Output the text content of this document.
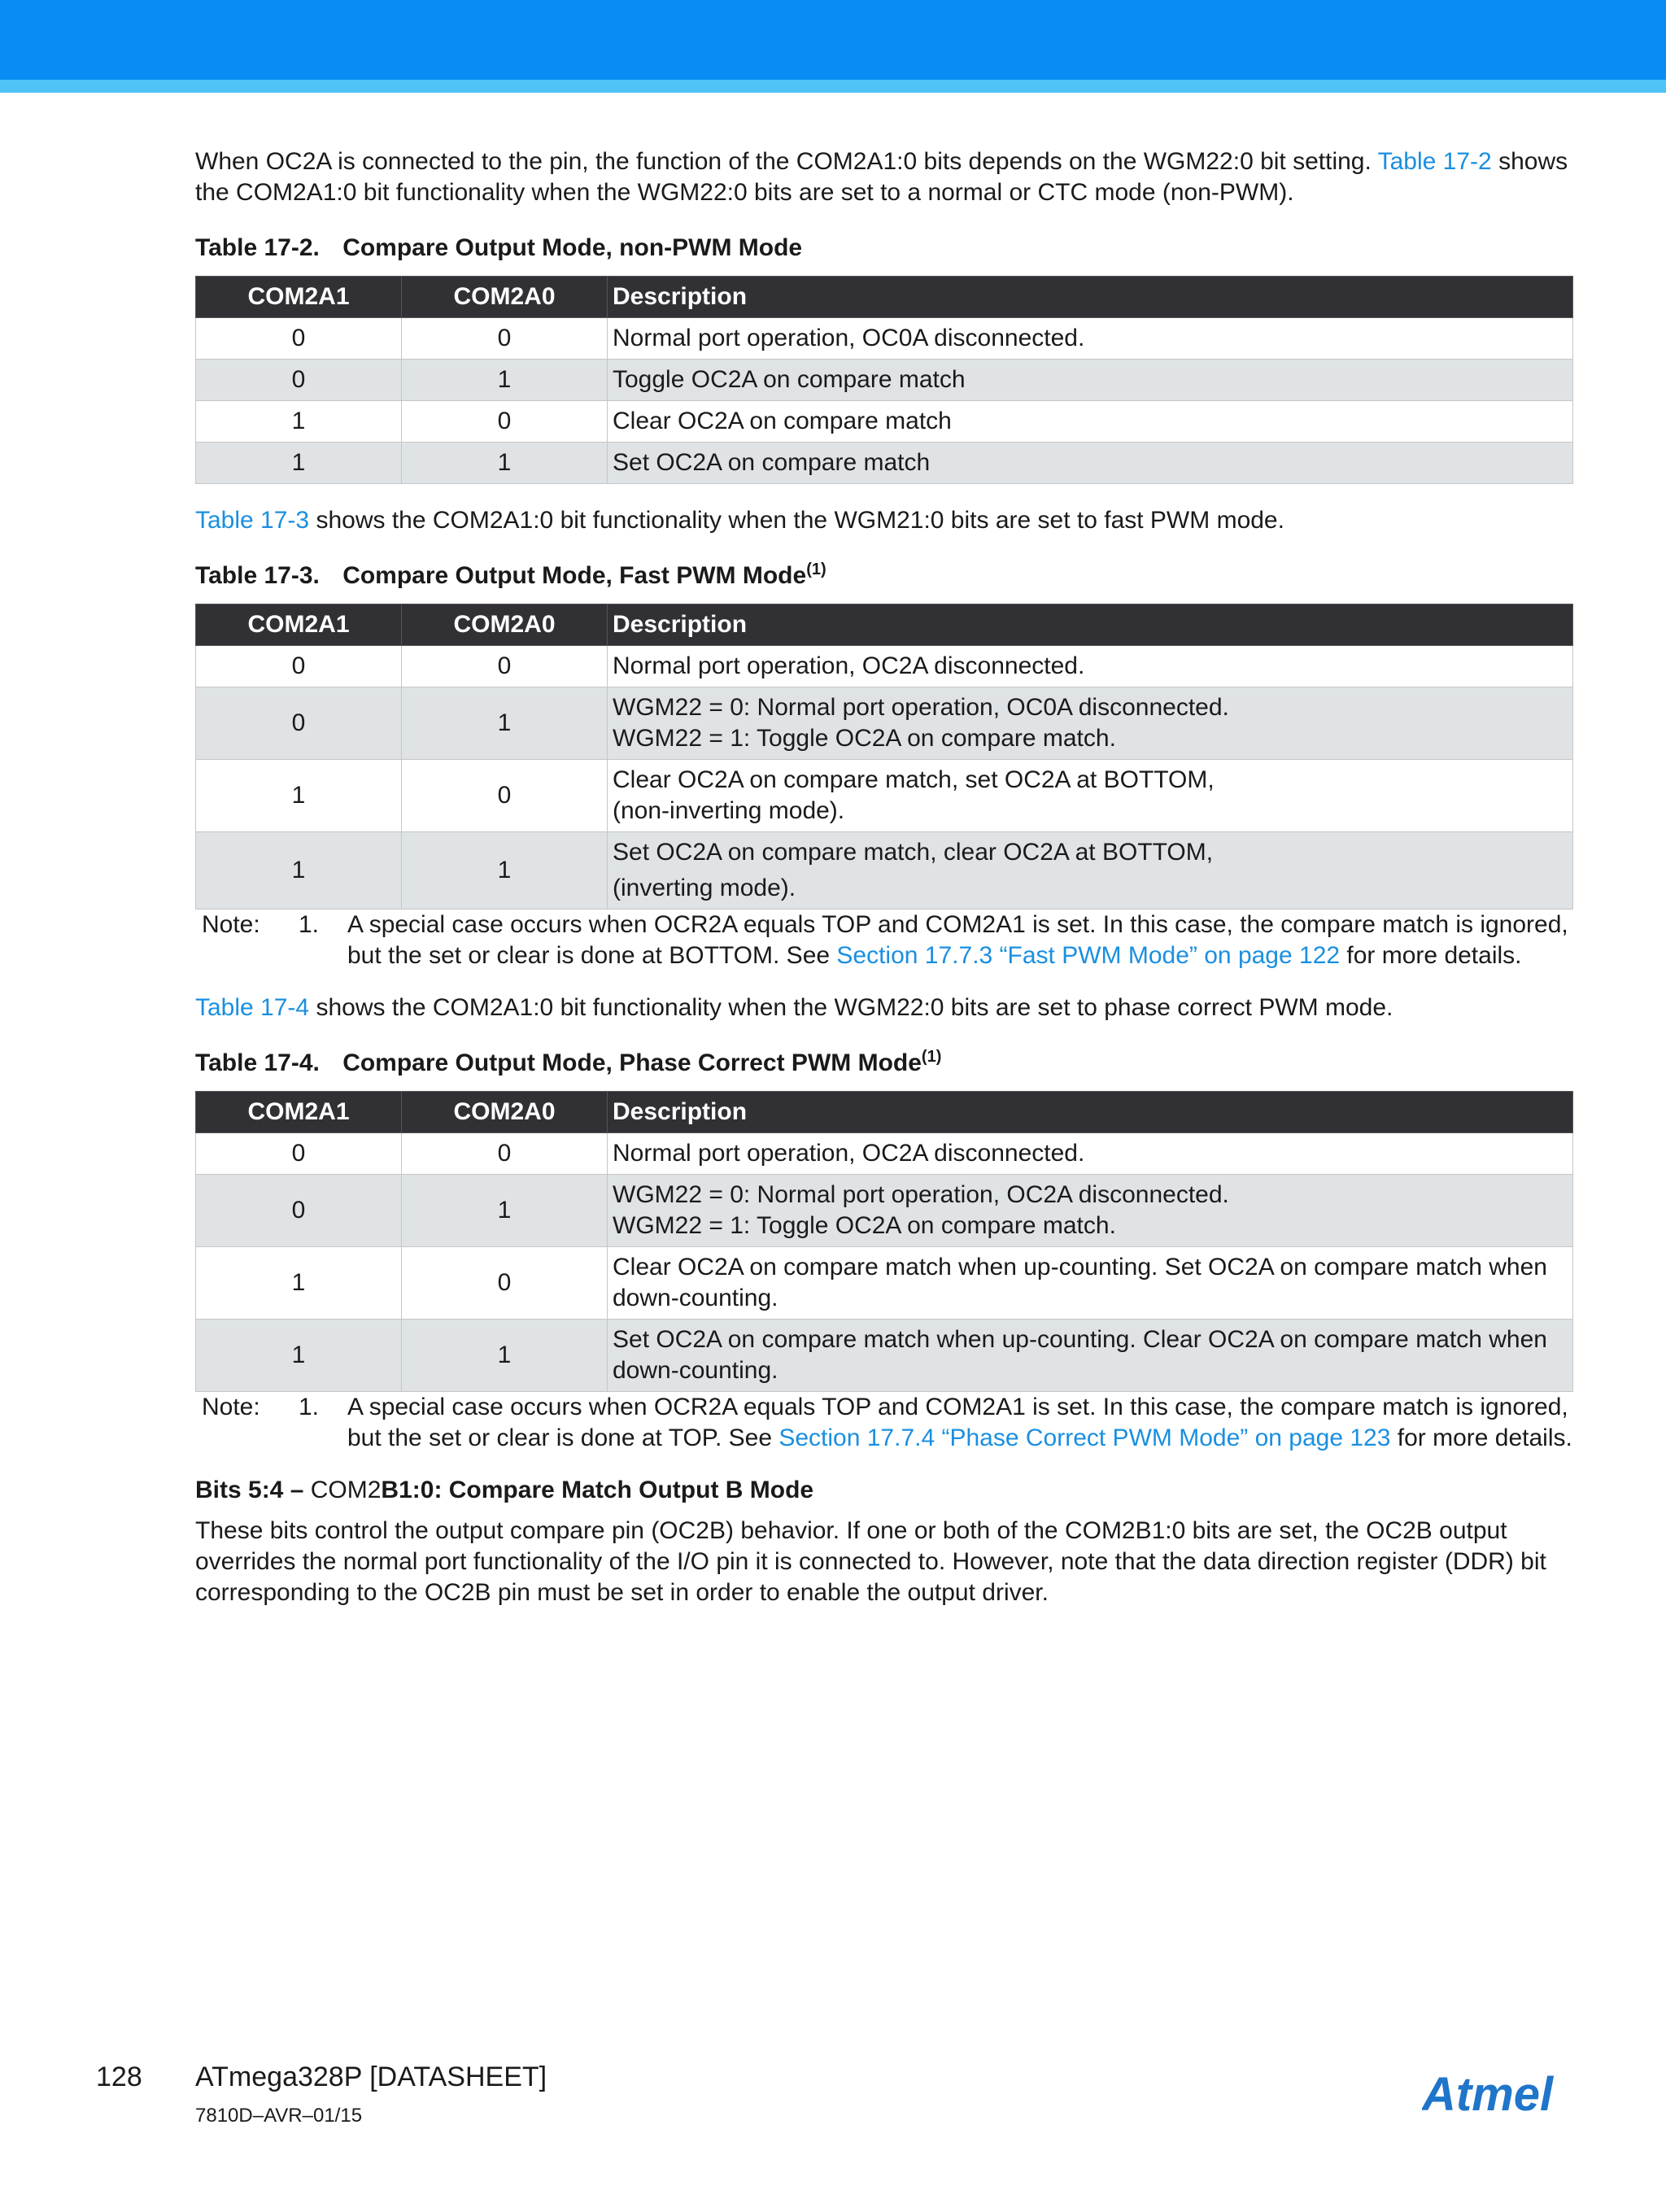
When OC2A is connected to the pin, the function of the COM2A1:0 bits depends on the WGM22:0 bit setting. Table 17-2 shows the COM2A1:0 bit functionality when the WGM22:0 bits are set to a normal or CTC mode (non-PWM).

Table 17-2. Compare Output Mode, non-PWM Mode
COM2A1	COM2A0	Description
0	0	Normal port operation, OC0A disconnected.

0	1	Toggle OC2A on compare match

1	0	Clear OC2A on compare match

1	1	Set OC2A on compare match

Table 17-3 shows the COM2A1:0 bit functionality when the WGM21:0 bits are set to fast PWM mode.

Table 17-3. Compare Output Mode, Fast PWM Mode$^{(1)}$
COM2A1	COM2A0	Description
0	0	Normal port operation, OC2A disconnected.

0	1	WGM22 = 0: Normal port operation, OC0A disconnected.
WGM22 = 1: Toggle OC2A on compare match.

1	0	Clear OC2A on compare match, set OC2A at BOTTOM,
(non-inverting mode).

1	1	Set OC2A on compare match, clear OC2A at BOTTOM,
(inverting mode).
Note:	1.	A special case occurs when OCR2A equals TOP and COM2A1 is set. In this case, the compare match is ignored, but the set or clear is done at BOTTOM. See Section 17.7.3 “Fast PWM Mode” on page 122 for more details.

Table 17-4 shows the COM2A1:0 bit functionality when the WGM22:0 bits are set to phase correct PWM mode.

Table 17-4. Compare Output Mode, Phase Correct PWM Mode$^{(1)}$
COM2A1	COM2A0	Description
0	0	Normal port operation, OC2A disconnected.

0	1	WGM22 = 0: Normal port operation, OC2A disconnected.
WGM22 = 1: Toggle OC2A on compare match.

1	0	Clear OC2A on compare match when up-counting. Set OC2A on compare match when down-counting.

1	1	Set OC2A on compare match when up-counting. Clear OC2A on compare match when down-counting.
Note:	1.	A special case occurs when OCR2A equals TOP and COM2A1 is set. In this case, the compare match is ignored, but the set or clear is done at TOP. See Section 17.7.4 “Phase Correct PWM Mode” on page 123 for more details.
Bits 5:4 – COM2B1:0: Compare Match Output B Mode

These bits control the output compare pin (OC2B) behavior. If one or both of the COM2B1:0 bits are set, the OC2B output overrides the normal port functionality of the I/O pin it is connected to. However, note that the data direction register (DDR) bit corresponding to the OC2B pin must be set in order to enable the output driver.

128 ATmega328P [DATASHEET]
7810D–AVR–01/15	Atmel
